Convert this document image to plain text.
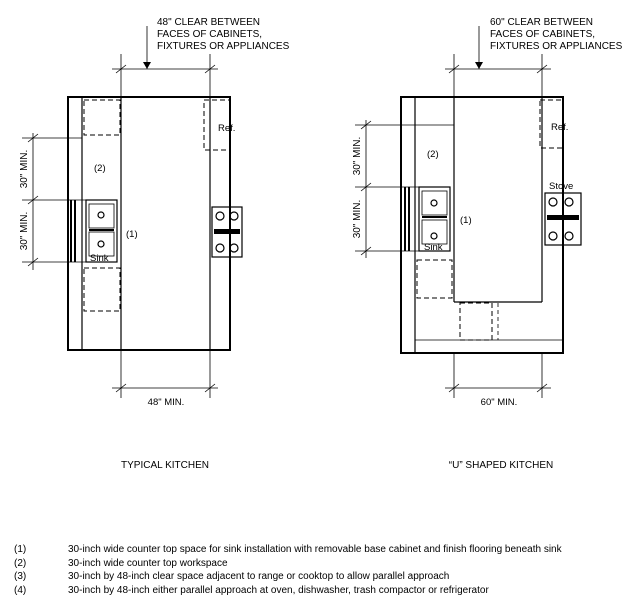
48" CLEAR BETWEEN
FACES OF CABINETS,
FIXTURES OR APPLIANCES
48" MIN.
30" MIN.
30" MIN.
Ref.
Sink
(2)
(1)
TYPICAL KITCHEN
60" CLEAR BETWEEN
FACES OF CABINETS,
FIXTURES OR APPLIANCES
60" MIN.
30" MIN.
30" MIN.
Ref.
Stove
Sink
(2)
(1)
“U” SHAPED KITCHEN
(1)	30-inch wide counter top space for sink installation with removable base cabinet and finish flooring beneath sink
(2)	30-inch wide counter top workspace
(3)	30-inch by 48-inch clear space adjacent to range or cooktop to allow parallel approach
(4)	30-inch by 48-inch either parallel approach at oven, dishwasher, trash compactor or refrigerator
